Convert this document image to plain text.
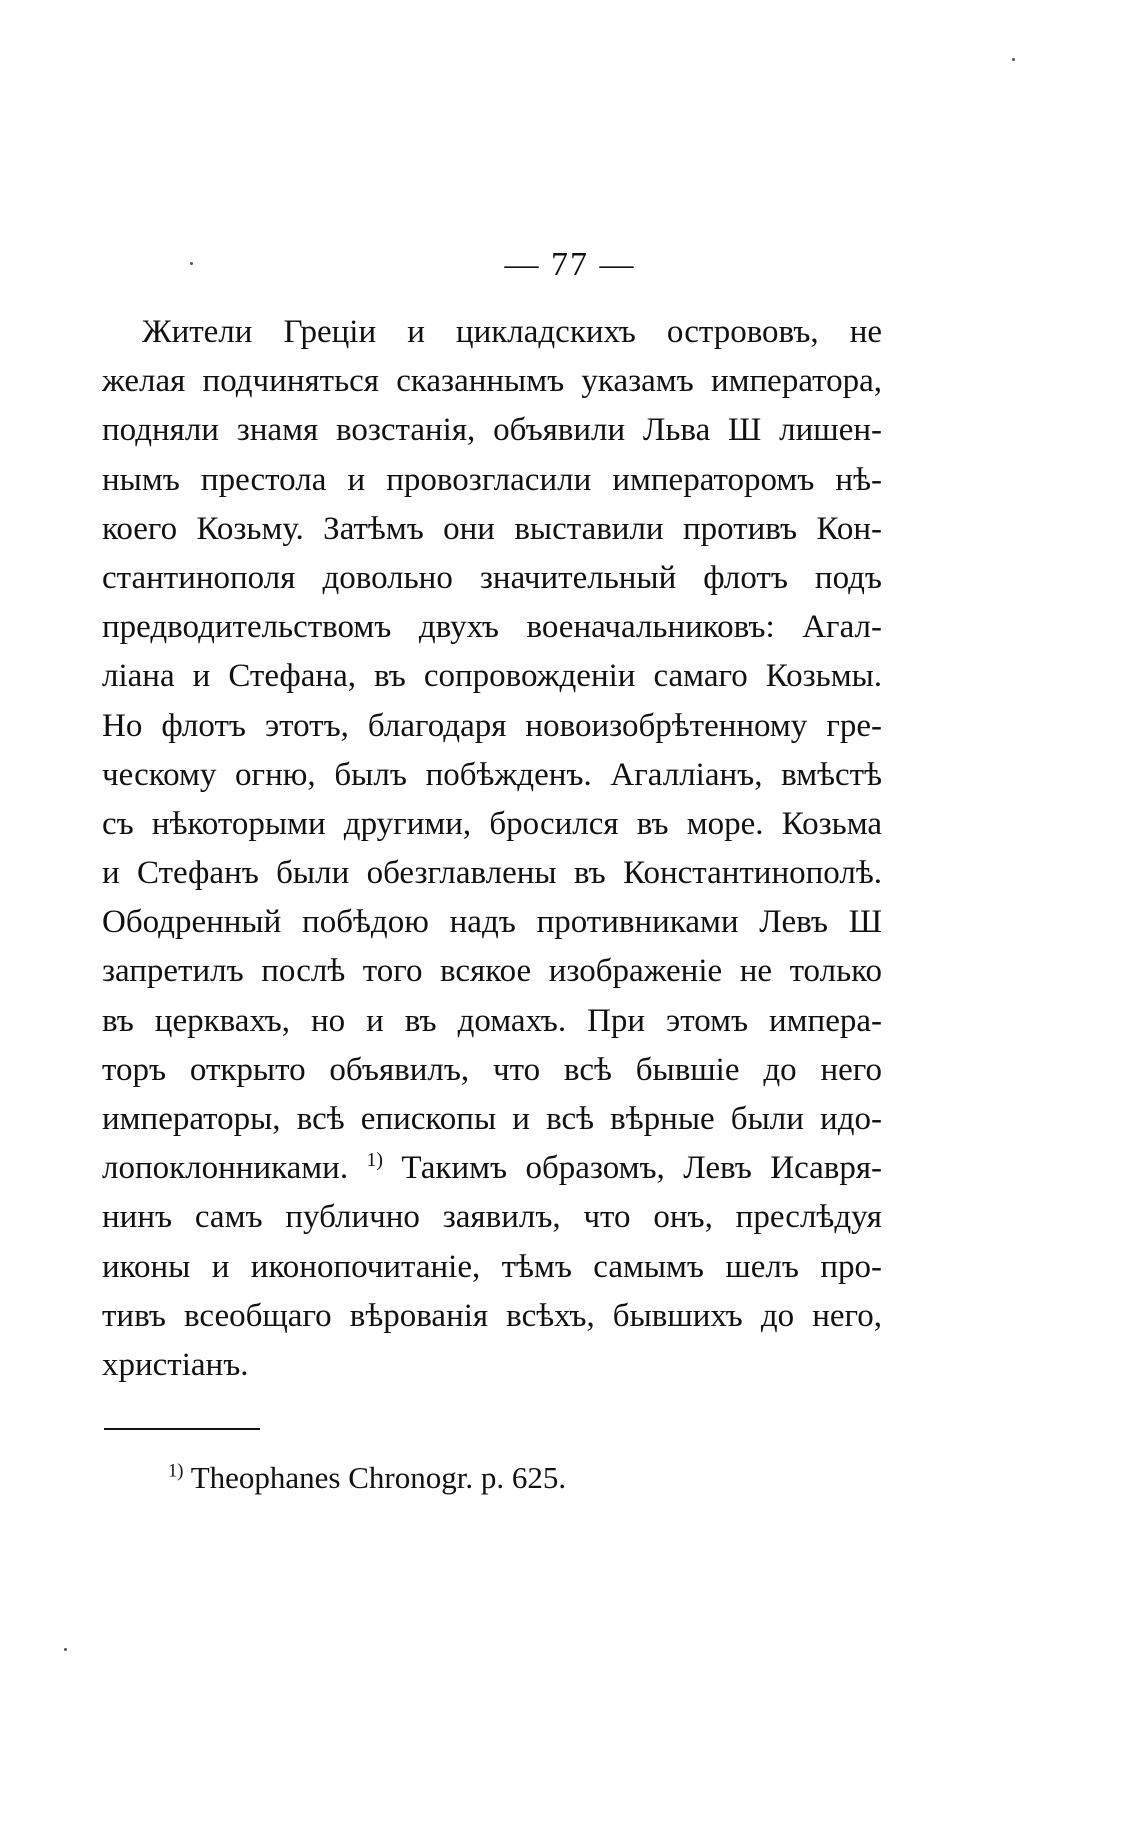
— 77 —
Жители Греціи и цикладскихъ острововъ, не
желая подчиняться сказаннымъ указамъ императора,
подняли знамя возстанія, объявили Льва Ш лишен-
нымъ престола и провозгласили императоромъ нѣ-
коего Козьму. Затѣмъ они выставили противъ Кон-
стантинополя довольно значительный флотъ подъ
предводительствомъ двухъ военачальниковъ: Агал-
ліана и Стефана, въ сопровожденіи самаго Козьмы.
Но флотъ этотъ, благодаря новоизобрѣтенному гре-
ческому огню, былъ побѣжденъ. Агалліанъ, вмѣстѣ
съ нѣкоторыми другими, бросился въ море. Козьма
и Стефанъ были обезглавлены въ Константинополѣ.
Ободренный побѣдою надъ противниками Левъ Ш
запретилъ послѣ того всякое изображеніе не только
въ церквахъ, но и въ домахъ. При этомъ импера-
торъ открыто объявилъ, что всѣ бывшіе до него
императоры, всѣ епископы и всѣ вѣрные были идо-
лопоклонниками. $^{1)}$ Такимъ образомъ, Левъ Исавря-
нинъ самъ публично заявилъ, что онъ, преслѣдуя
иконы и иконопочитаніе, тѣмъ самымъ шелъ про-
тивъ всеобщаго вѣрованія всѣхъ, бывшихъ до него,
христіанъ.
$^{1)}$ Theophanes Chronogr. p. 625.
